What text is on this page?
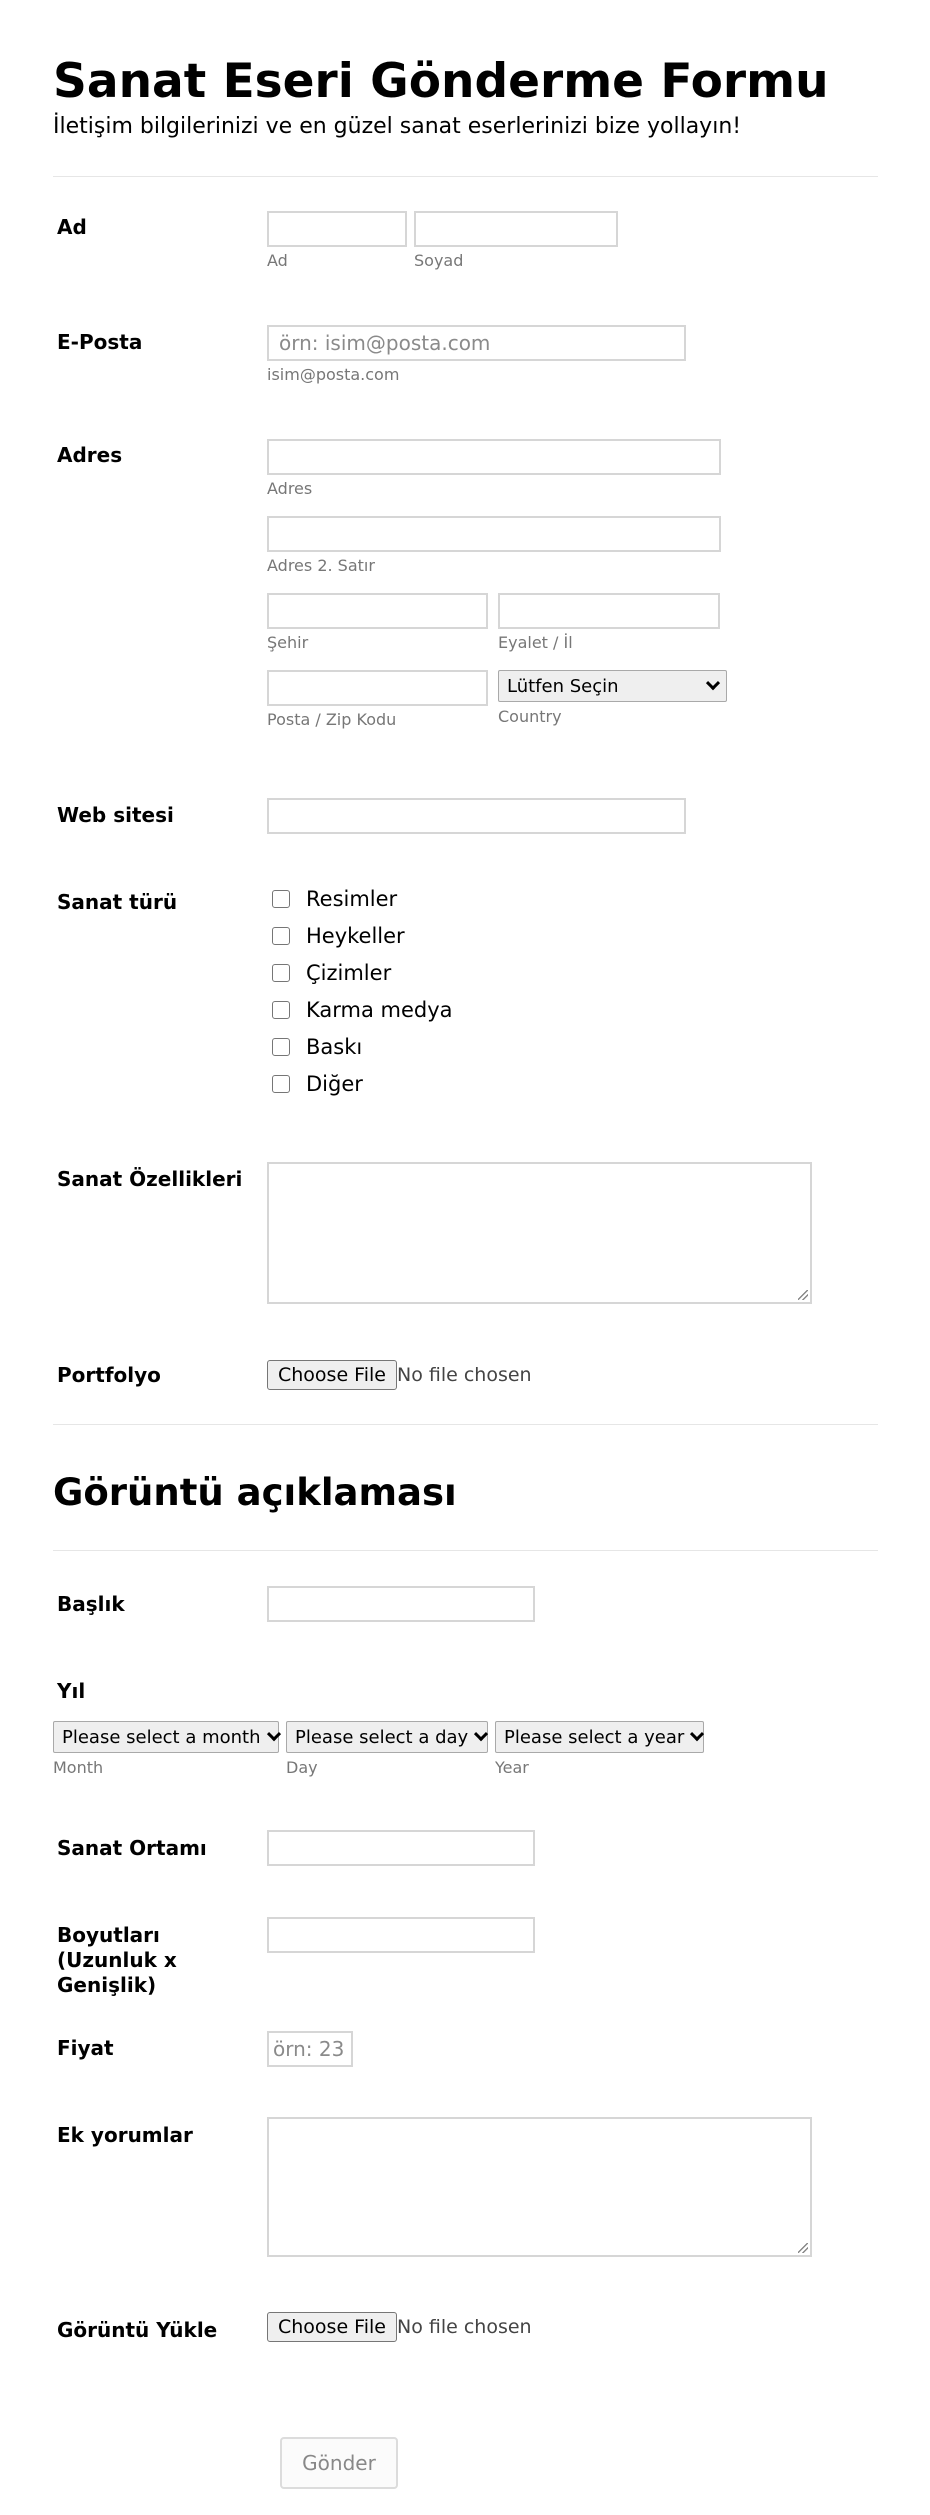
Sanat Eseri Gönderme Formu
İletişim bilgilerinizi ve en güzel sanat eserlerinizi bize yollayın!
Ad
Ad	Soyad
E-Posta
örn: isim@posta.com
isim@posta.com
Adres
Adres
Adres 2. Satır
Şehir	Eyalet / İl
Posta / Zip Kodu
Lütfen Seçin
Country
Web sitesi
Sanat türü	Resimler
Heykeller
Çizimler
Karma medya
Baskı
Diğer
Sanat Özellikleri
Portfolyo	Choose File No file chosen
Görüntü açıklaması
Başlık
Yıl
Please select a month
Month
Please select a day
Day
Please select a year
Year
Sanat Ortamı
Boyutları (Uzunluk x Genişlik)
Fiyat
örn: 23
Ek yorumlar
Görüntü Yükle	Choose File No file chosen
Gönder
